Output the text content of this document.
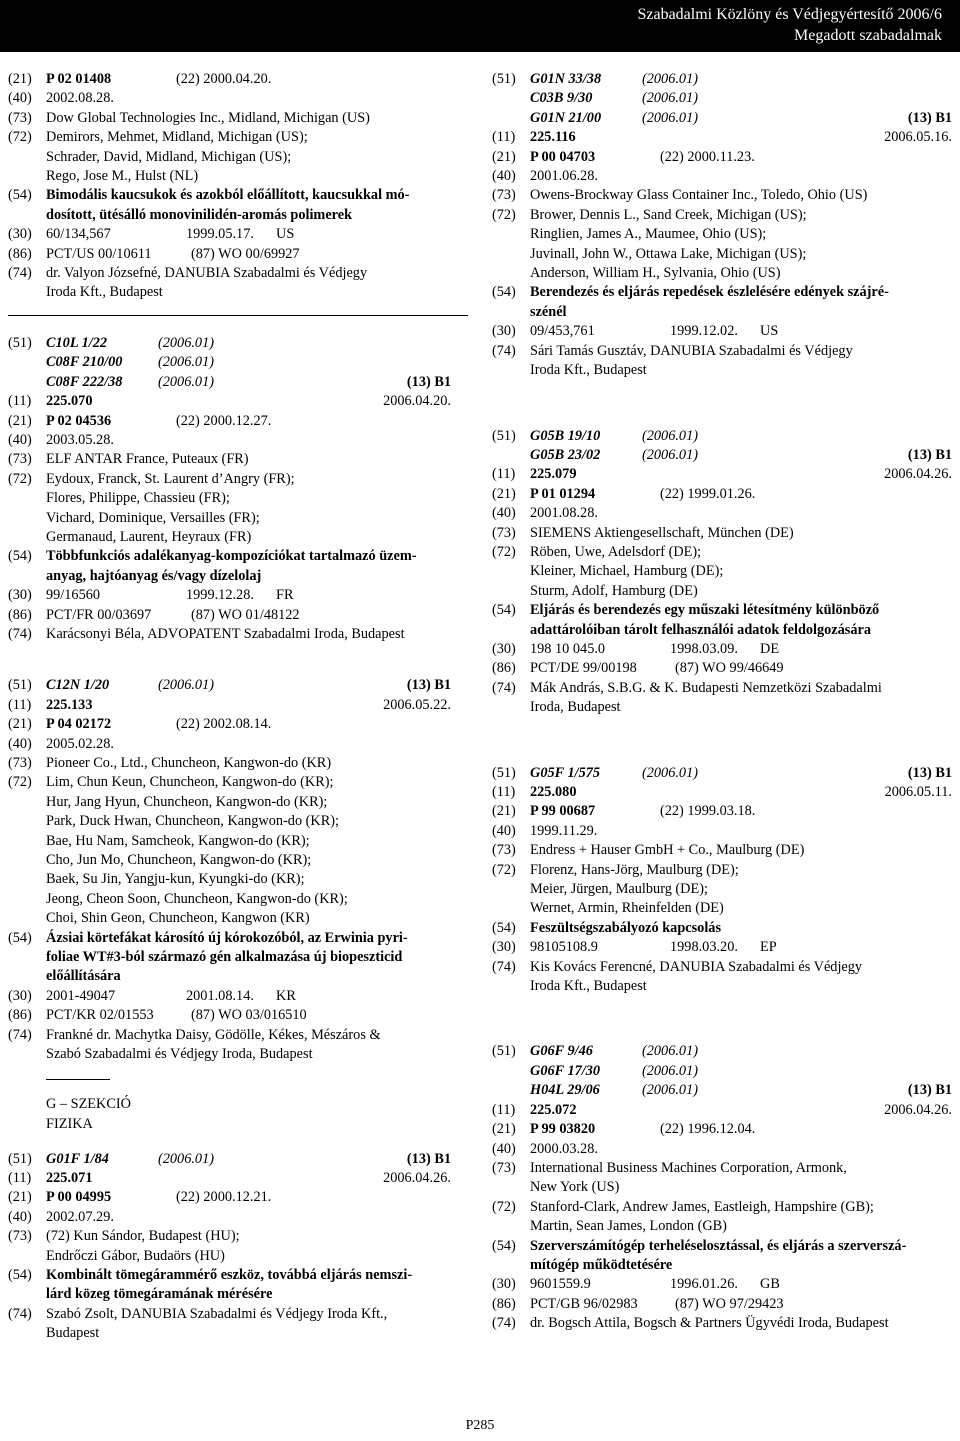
Szabadalmi Közlöny és Védjegyértesítő 2006/6
Megadott szabadalmak
(21) P 02 01408	(22) 2000.04.20.
(40) 2002.08.28.
(73) Dow Global Technologies Inc., Midland, Michigan (US)
(72) Demirors, Mehmet, Midland, Michigan (US);
Schrader, David, Midland, Michigan (US);
Rego, Jose M., Hulst (NL)
(54) Bimodális kaucsukok és azokból előállított, kaucsukkal mó-
dosított, ütésálló monovinilidén-aromás polimerek
(30) 60/134,567	1999.05.17. US
(86) PCT/US 00/10611	(87) WO 00/69927
(74) dr. Valyon Józsefné, DANUBIA Szabadalmi és Védjegy
Iroda Kft., Budapest
(51) C10L 1/22	(2006.01)
C08F 210/00 (2006.01)
C08F 222/38 (2006.01)	(13) B1
(11)	225.070	2006.04.20.
(21) P 02 04536	(22) 2000.12.27.
(40) 2003.05.28.
(73) ELF ANTAR France, Puteaux (FR)
(72) Eydoux, Franck, St. Laurent d’Angry (FR);
Flores, Philippe, Chassieu (FR);
Vichard, Dominique, Versailles (FR);
Germanaud, Laurent, Heyraux (FR)
(54) Többfunkciós adalékanyag-kompozíciókat tartalmazó üzem-
anyag, hajtóanyag és/vagy dízelolaj
(30) 99/16560	1999.12.28. FR
(86) PCT/FR 00/03697	(87) WO 01/48122
(74) Karácsonyi Béla, ADVOPATENT Szabadalmi Iroda, Budapest
(51) C12N 1/20	(2006.01)	(13) B1
(11)	225.133	2006.05.22.
(21) P 04 02172	(22) 2002.08.14.
(40) 2005.02.28.
(73) Pioneer Co., Ltd., Chuncheon, Kangwon-do (KR)
(72) Lim, Chun Keun, Chuncheon, Kangwon-do (KR);
Hur, Jang Hyun, Chuncheon, Kangwon-do (KR);
Park, Duck Hwan, Chuncheon, Kangwon-do (KR);
Bae, Hu Nam, Samcheok, Kangwon-do (KR);
Cho, Jun Mo, Chuncheon, Kangwon-do (KR);
Baek, Su Jin, Yangju-kun, Kyungki-do (KR);
Jeong, Cheon Soon, Chuncheon, Kangwon-do (KR);
Choi, Shin Geon, Chuncheon, Kangwon (KR)
(54) Ázsiai körtefákat károsító új kórokozóból, az Erwinia pyri-
foliae WT#3-ból származó gén alkalmazása új biopeszticid
előállítására
(30) 2001-49047	2001.08.14. KR
(86) PCT/KR 02/01553	(87) WO 03/016510
(74) Frankné dr. Machytka Daisy, Gödölle, Kékes, Mészáros &
Szabó Szabadalmi és Védjegy Iroda, Budapest
G – SZEKCIÓ
FIZIKA
(51) G01F 1/84	(2006.01)	(13) B1
(11)	225.071	2006.04.26.
(21) P 00 04995	(22) 2000.12.21.
(40) 2002.07.29.
(73) (72) Kun Sándor, Budapest (HU);
Endrőczi Gábor, Budaörs (HU)
(54) Kombinált tömegárammérő eszköz, továbbá eljárás nemszi-
lárd közeg tömegáramának mérésére
(74) Szabó Zsolt, DANUBIA Szabadalmi és Védjegy Iroda Kft.,
Budapest
(51) G01N 33/38	(2006.01)
C03B 9/30	(2006.01)
G01N 21/00	(2006.01)	(13) B1
(11)	225.116	2006.05.16.
(21) P 00 04703	(22) 2000.11.23.
(40) 2001.06.28.
(73) Owens-Brockway Glass Container Inc., Toledo, Ohio (US)
(72) Brower, Dennis L., Sand Creek, Michigan (US);
Ringlien, James A., Maumee, Ohio (US);
Juvinall, John W., Ottawa Lake, Michigan (US);
Anderson, William H., Sylvania, Ohio (US)
(54) Berendezés és eljárás repedések észlelésére edények szájré-
szénél
(30) 09/453,761	1999.12.02. US
(74) Sári Tamás Gusztáv, DANUBIA Szabadalmi és Védjegy
Iroda Kft., Budapest
(51) G05B 19/10	(2006.01)
G05B 23/02	(2006.01)	(13) B1
(11)	225.079	2006.04.26.
(21) P 01 01294	(22) 1999.01.26.
(40) 2001.08.28.
(73) SIEMENS Aktiengesellschaft, München (DE)
(72) Röben, Uwe, Adelsdorf (DE);
Kleiner, Michael, Hamburg (DE);
Sturm, Adolf, Hamburg (DE)
(54) Eljárás és berendezés egy műszaki létesítmény különböző
adattárolóiban tárolt felhasználói adatok feldolgozására
(30) 198 10 045.0	1998.03.09. DE
(86) PCT/DE 99/00198	(87) WO 99/46649
(74) Mák András, S.B.G. & K. Budapesti Nemzetközi Szabadalmi
Iroda, Budapest
(51) G05F 1/575	(2006.01)	(13) B1
(11)	225.080	2006.05.11.
(21) P 99 00687	(22) 1999.03.18.
(40) 1999.11.29.
(73) Endress + Hauser GmbH + Co., Maulburg (DE)
(72) Florenz, Hans-Jörg, Maulburg (DE);
Meier, Jürgen, Maulburg (DE);
Wernet, Armin, Rheinfelden (DE)
(54) Feszültségszabályozó kapcsolás
(30) 98105108.9	1998.03.20. EP
(74) Kis Kovács Ferencné, DANUBIA Szabadalmi és Védjegy
Iroda Kft., Budapest
(51) G06F 9/46	(2006.01)
G06F 17/30	(2006.01)
H04L 29/06	(2006.01)	(13) B1
(11)	225.072	2006.04.26.
(21) P 99 03820	(22) 1996.12.04.
(40) 2000.03.28.
(73) International Business Machines Corporation, Armonk,
New York (US)
(72) Stanford-Clark, Andrew James, Eastleigh, Hampshire (GB);
Martin, Sean James, London (GB)
(54) Szerverszámítógép terheléselosztással, és eljárás a szerverszá-
mítógép működtetésére
(30) 9601559.9	1996.01.26. GB
(86) PCT/GB 96/02983	(87) WO 97/29423
(74) dr. Bogsch Attila, Bogsch & Partners Ügyvédi Iroda, Budapest
P285
